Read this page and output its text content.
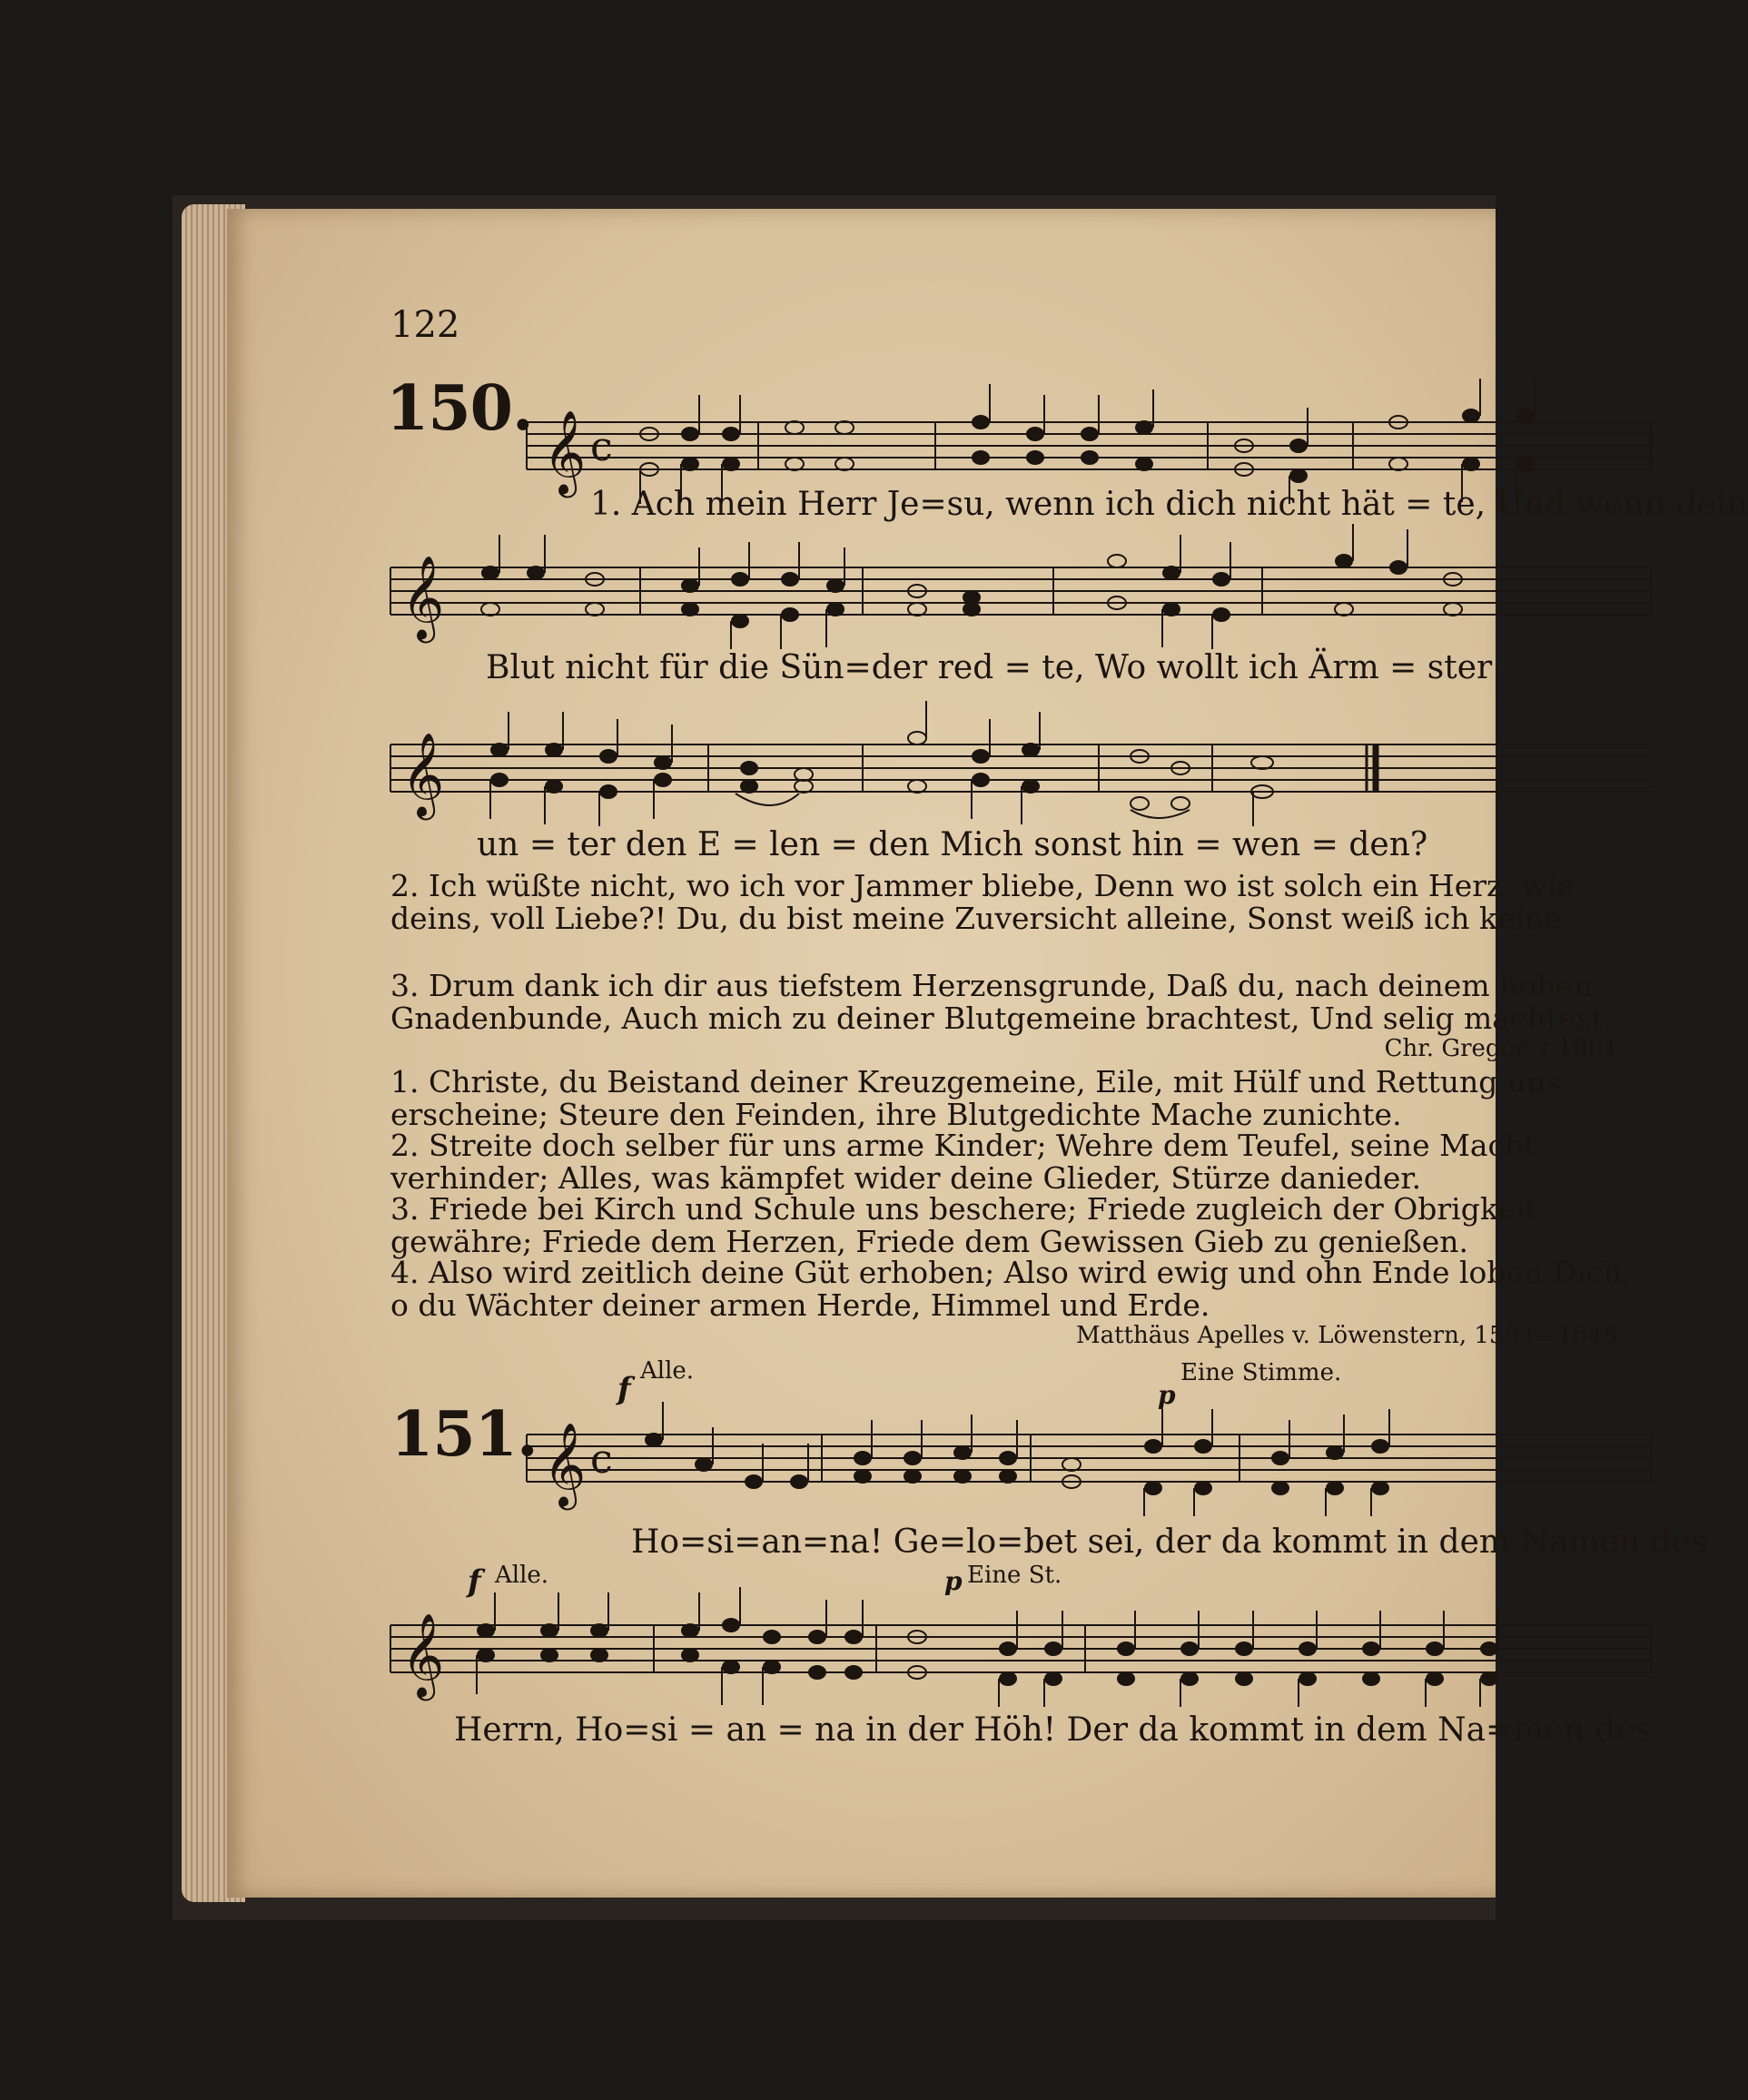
122
150.
𝄞 c
1. Ach mein Herr Je=su, wenn ich dich nicht hät = te, Und wenn dein
𝄞
Blut nicht für die Sün=der red = te, Wo wollt ich Ärm = ster
𝄞
un = ter den E = len = den Mich sonst hin = wen = den?
2. Ich wüßte nicht, wo ich vor Jammer bliebe, Denn wo ist solch ein Herz, wie deins, voll Liebe?! Du, du bist meine Zuversicht alleine, Sonst weiß ich keine.
3. Drum dank ich dir aus tiefstem Herzensgrunde, Daß du, nach deinem hohen Gnadenbunde, Auch mich zu deiner Blutgemeine brachtest, Und selig machtest.
Chr. Gregor, † 1801.
1. Christe, du Beistand deiner Kreuzgemeine, Eile, mit Hülf und Rettung uns erscheine; Steure den Feinden, ihre Blutgedichte Mache zunichte.
2. Streite doch selber für uns arme Kinder; Wehre dem Teufel, seine Macht verhinder; Alles, was kämpfet wider deine Glieder, Stürze danieder.
3. Friede bei Kirch und Schule uns beschere; Friede zugleich der Obrigkeit gewähre; Friede dem Herzen, Friede dem Gewissen Gieb zu genießen.
4. Also wird zeitlich deine Güt erhoben; Also wird ewig und ohn Ende loben Dich, o du Wächter deiner armen Herde, Himmel und Erde.
Matthäus Apelles v. Löwenstern, 1594—1648.
f Alle.	Eine Stimme.
p
151. 𝄞 c
Ho=si=an=na! Ge=lo=bet sei, der da kommt in dem Namen des
f Alle.	p Eine St.
𝄞
Herrn, Ho=si = an = na in der Höh! Der da kommt in dem Na=men des
